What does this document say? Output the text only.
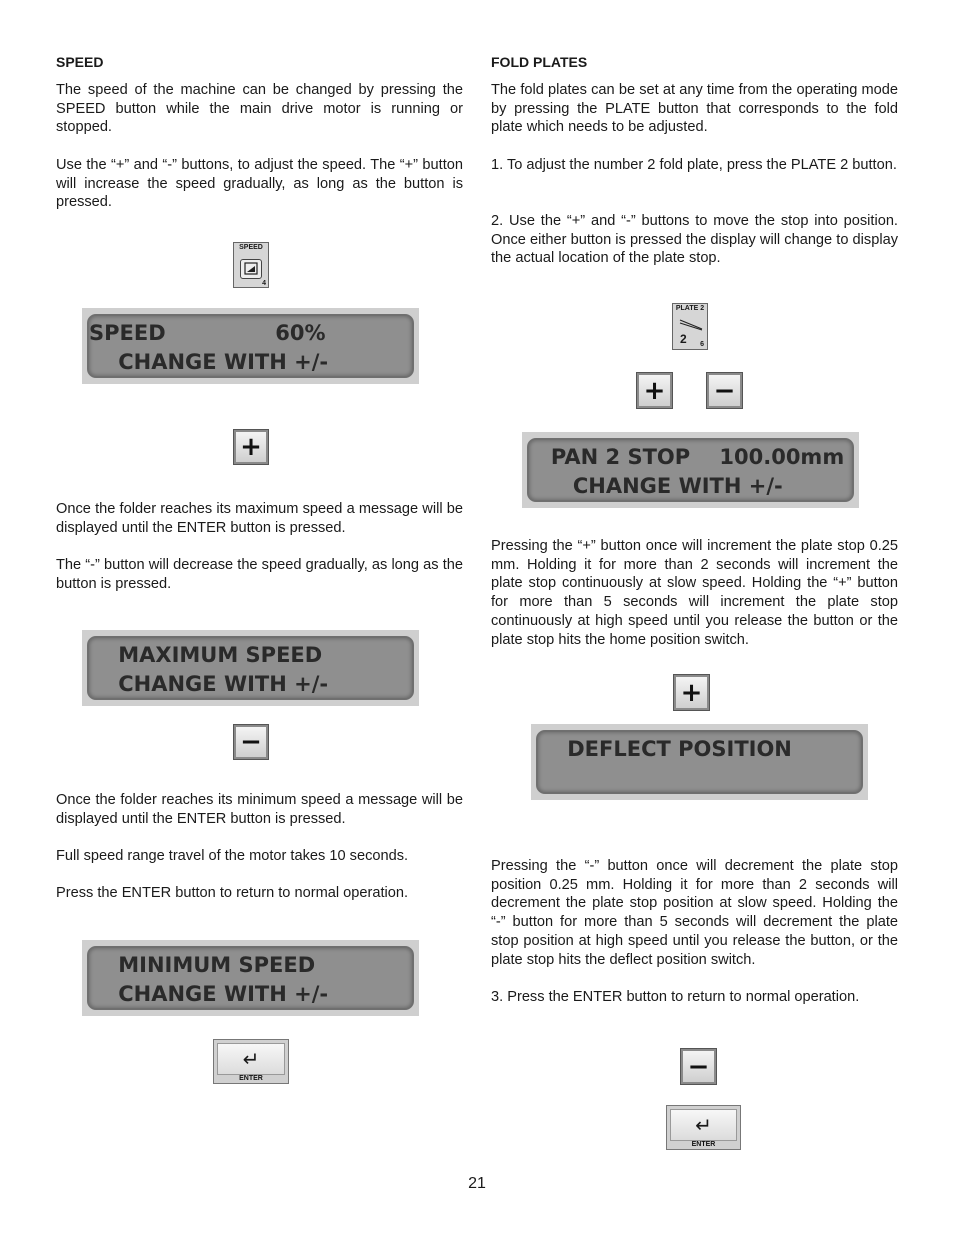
SPEED

The speed of the machine can be changed by pressing the SPEED button while the main drive motor is running or stopped.

Use the “+” and “-” buttons, to adjust the speed. The “+” button will increase the speed gradually, as long as the button is pressed.

SPEED
4
SPEED               60%
CHANGE WITH +/-
+

Once the folder reaches its maximum speed a message will be displayed until the ENTER button is pressed.

The “-” button will decrease the speed gradually, as long as the button is pressed.

MAXIMUM SPEED
CHANGE WITH +/-
−

Once the folder reaches its minimum speed a message will be displayed until the ENTER button is pressed.

Full speed range travel of the motor takes 10 seconds.

Press the ENTER button to return to normal operation.

MINIMUM SPEED
CHANGE WITH +/-
↵
ENTER
FOLD PLATES

The fold plates can be set at any time from the operating mode by pressing the PLATE button that corresponds to the fold plate which needs to be adjusted.

1. To adjust the number 2 fold plate, press the PLATE 2 button.

2. Use the “+” and “-” buttons to move the stop into position. Once either button is pressed the display will change to display the actual location of the plate stop.

PLATE 2
2 6
+ −
PAN 2 STOP    100.00mm
CHANGE WITH +/-

Pressing the “+” button once will increment the plate stop 0.25 mm. Holding it for more than 2 seconds will increment the plate stop continuously at slow speed. Holding the “+” button for more than 5 seconds will increment the plate stop continuously at high speed until you release the button or the plate stop hits the home position switch.

+
DEFLECT POSITION

Pressing the “-” button once will decrement the plate stop position 0.25 mm. Holding it for more than 2 seconds will decrement the plate stop position at slow speed. Holding the “-” button for more than 5 seconds will decrement the plate stop position at high speed until you release the button, or the plate stop hits the deflect position switch.

3. Press the ENTER button to return to normal operation.

−
↵
ENTER
21
